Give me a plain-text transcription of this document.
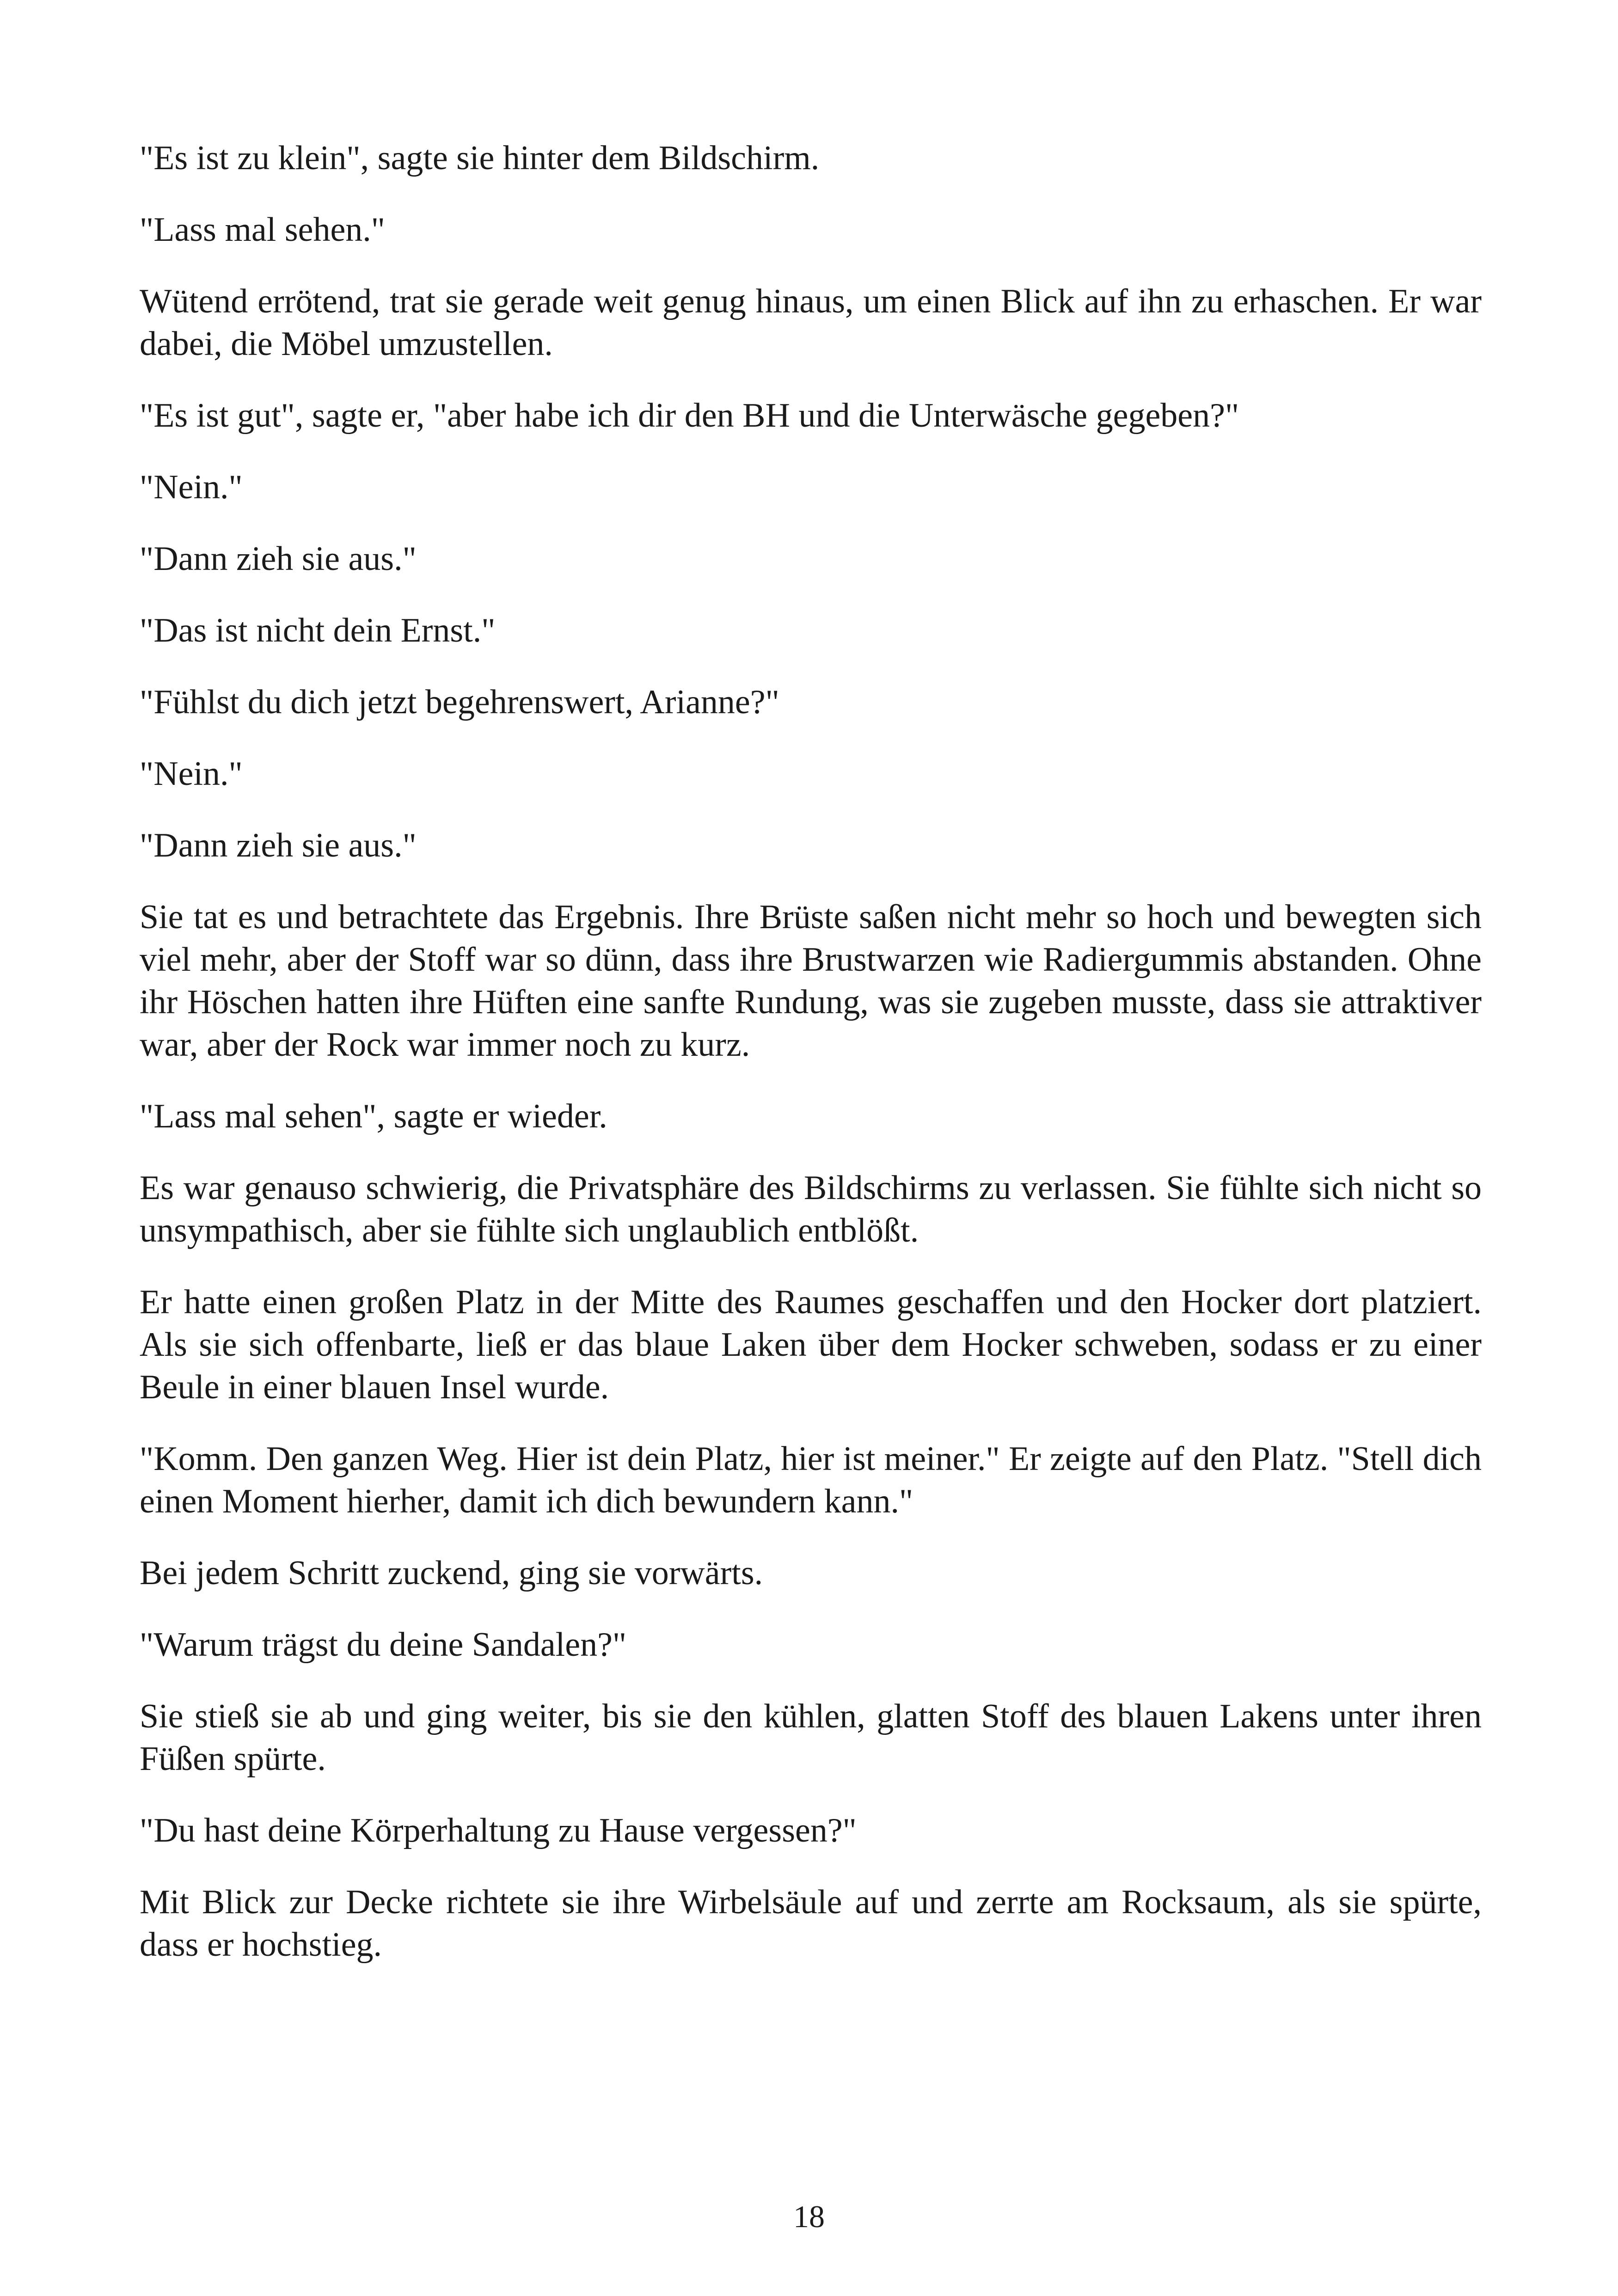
"Es ist zu klein", sagte sie hinter dem Bildschirm.

"Lass mal sehen."

Wütend errötend, trat sie gerade weit genug hinaus, um einen Blick auf ihn zu erhaschen. Er war dabei, die Möbel umzustellen.

"Es ist gut", sagte er, "aber habe ich dir den BH und die Unterwäsche gegeben?"

"Nein."

"Dann zieh sie aus."

"Das ist nicht dein Ernst."

"Fühlst du dich jetzt begehrenswert, Arianne?"

"Nein."

"Dann zieh sie aus."

Sie tat es und betrachtete das Ergebnis. Ihre Brüste saßen nicht mehr so hoch und bewegten sich viel mehr, aber der Stoff war so dünn, dass ihre Brustwarzen wie Radiergummis abstanden. Ohne ihr Höschen hatten ihre Hüften eine sanfte Rundung, was sie zugeben musste, dass sie attraktiver war, aber der Rock war immer noch zu kurz.

"Lass mal sehen", sagte er wieder.

Es war genauso schwierig, die Privatsphäre des Bildschirms zu verlassen. Sie fühlte sich nicht so unsympathisch, aber sie fühlte sich unglaublich entblößt.

Er hatte einen großen Platz in der Mitte des Raumes geschaffen und den Hocker dort platziert. Als sie sich offenbarte, ließ er das blaue Laken über dem Hocker schweben, sodass er zu einer Beule in einer blauen Insel wurde.

"Komm. Den ganzen Weg. Hier ist dein Platz, hier ist meiner." Er zeigte auf den Platz. "Stell dich einen Moment hierher, damit ich dich bewundern kann."

Bei jedem Schritt zuckend, ging sie vorwärts.

"Warum trägst du deine Sandalen?"

Sie stieß sie ab und ging weiter, bis sie den kühlen, glatten Stoff des blauen Lakens unter ihren Füßen spürte.

"Du hast deine Körperhaltung zu Hause vergessen?"

Mit Blick zur Decke richtete sie ihre Wirbelsäule auf und zerrte am Rocksaum, als sie spürte, dass er hochstieg.

18
